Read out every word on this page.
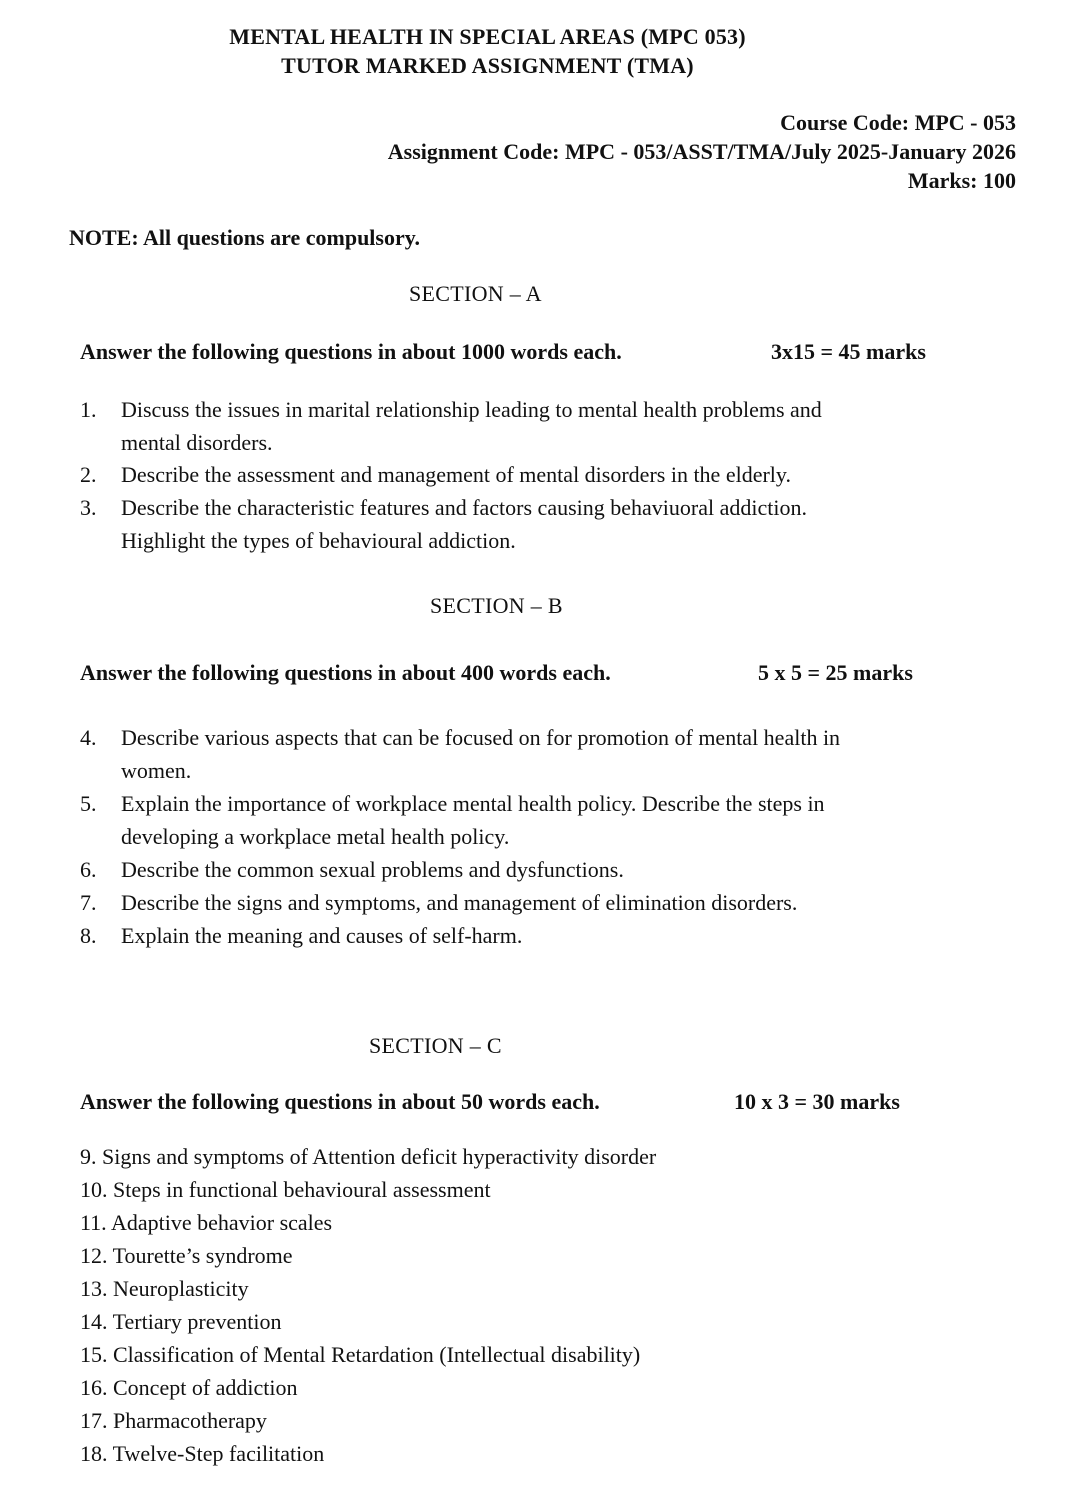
MENTAL HEALTH IN SPECIAL AREAS (MPC 053)
TUTOR MARKED ASSIGNMENT (TMA)
Course Code: MPC - 053
Assignment Code: MPC - 053/ASST/TMA/July 2025-January 2026
Marks: 100
NOTE: All questions are compulsory.
SECTION – A
Answer the following questions in about 1000 words each.	3x15 = 45 marks
1. Discuss the issues in marital relationship leading to mental health problems and
mental disorders.
2. Describe the assessment and management of mental disorders in the elderly.
3. Describe the characteristic features and factors causing behaviuoral addiction.
Highlight the types of behavioural addiction.
SECTION – B
Answer the following questions in about 400 words each.	5 x 5 = 25 marks
4. Describe various aspects that can be focused on for promotion of mental health in
women.
5. Explain the importance of workplace mental health policy. Describe the steps in
developing a workplace metal health policy.
6. Describe the common sexual problems and dysfunctions.
7. Describe the signs and symptoms, and management of elimination disorders.
8. Explain the meaning and causes of self-harm.
SECTION – C
Answer the following questions in about 50 words each.	10 x 3 = 30 marks
9. Signs and symptoms of Attention deficit hyperactivity disorder
10. Steps in functional behavioural assessment
11. Adaptive behavior scales
12. Tourette’s syndrome
13. Neuroplasticity
14. Tertiary prevention
15. Classification of Mental Retardation (Intellectual disability)
16. Concept of addiction
17. Pharmacotherapy
18. Twelve-Step facilitation
